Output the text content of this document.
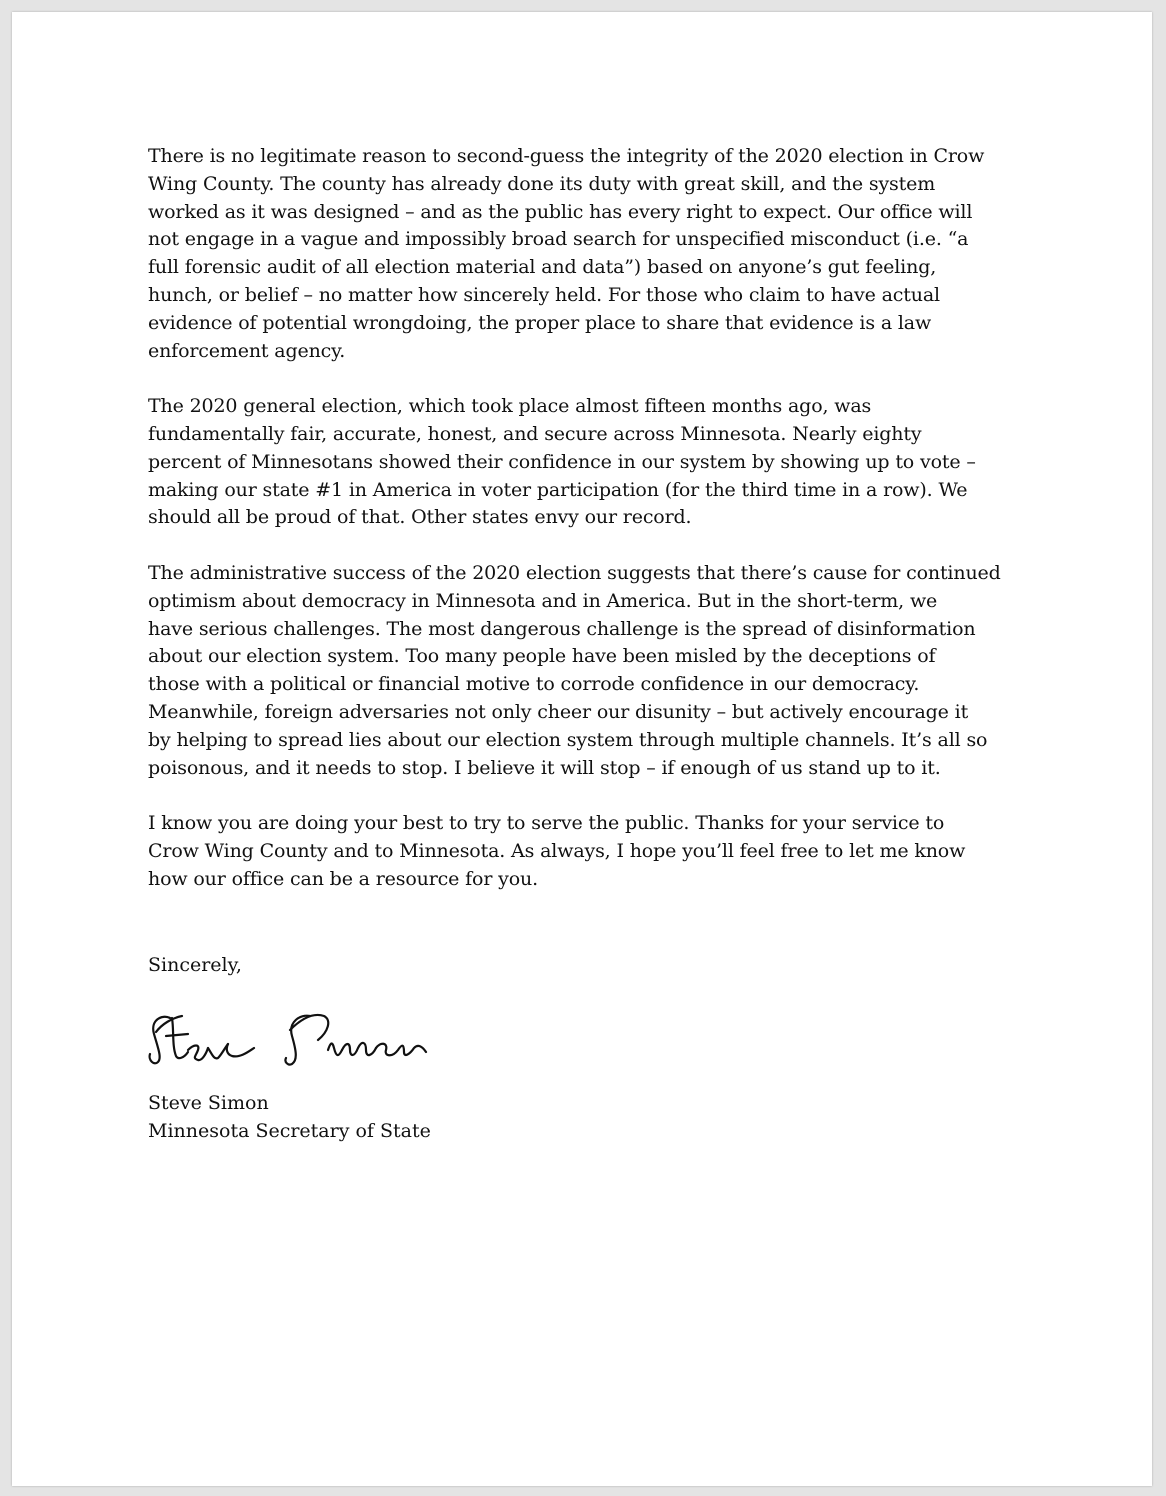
There is no legitimate reason to second-guess the integrity of the 2020 election in Crow
Wing County. The county has already done its duty with great skill, and the system
worked as it was designed – and as the public has every right to expect. Our office will
not engage in a vague and impossibly broad search for unspecified misconduct (i.e. “a
full forensic audit of all election material and data”) based on anyone’s gut feeling,
hunch, or belief – no matter how sincerely held. For those who claim to have actual
evidence of potential wrongdoing, the proper place to share that evidence is a law
enforcement agency.

The 2020 general election, which took place almost fifteen months ago, was
fundamentally fair, accurate, honest, and secure across Minnesota. Nearly eighty
percent of Minnesotans showed their confidence in our system by showing up to vote –
making our state #1 in America in voter participation (for the third time in a row). We
should all be proud of that. Other states envy our record.

The administrative success of the 2020 election suggests that there’s cause for continued
optimism about democracy in Minnesota and in America. But in the short-term, we
have serious challenges. The most dangerous challenge is the spread of disinformation
about our election system. Too many people have been misled by the deceptions of
those with a political or financial motive to corrode confidence in our democracy.
Meanwhile, foreign adversaries not only cheer our disunity – but actively encourage it
by helping to spread lies about our election system through multiple channels. It’s all so
poisonous, and it needs to stop. I believe it will stop – if enough of us stand up to it.

I know you are doing your best to try to serve the public. Thanks for your service to
Crow Wing County and to Minnesota. As always, I hope you’ll feel free to let me know
how our office can be a resource for you.

Sincerely,

Steve Simon
Minnesota Secretary of State
